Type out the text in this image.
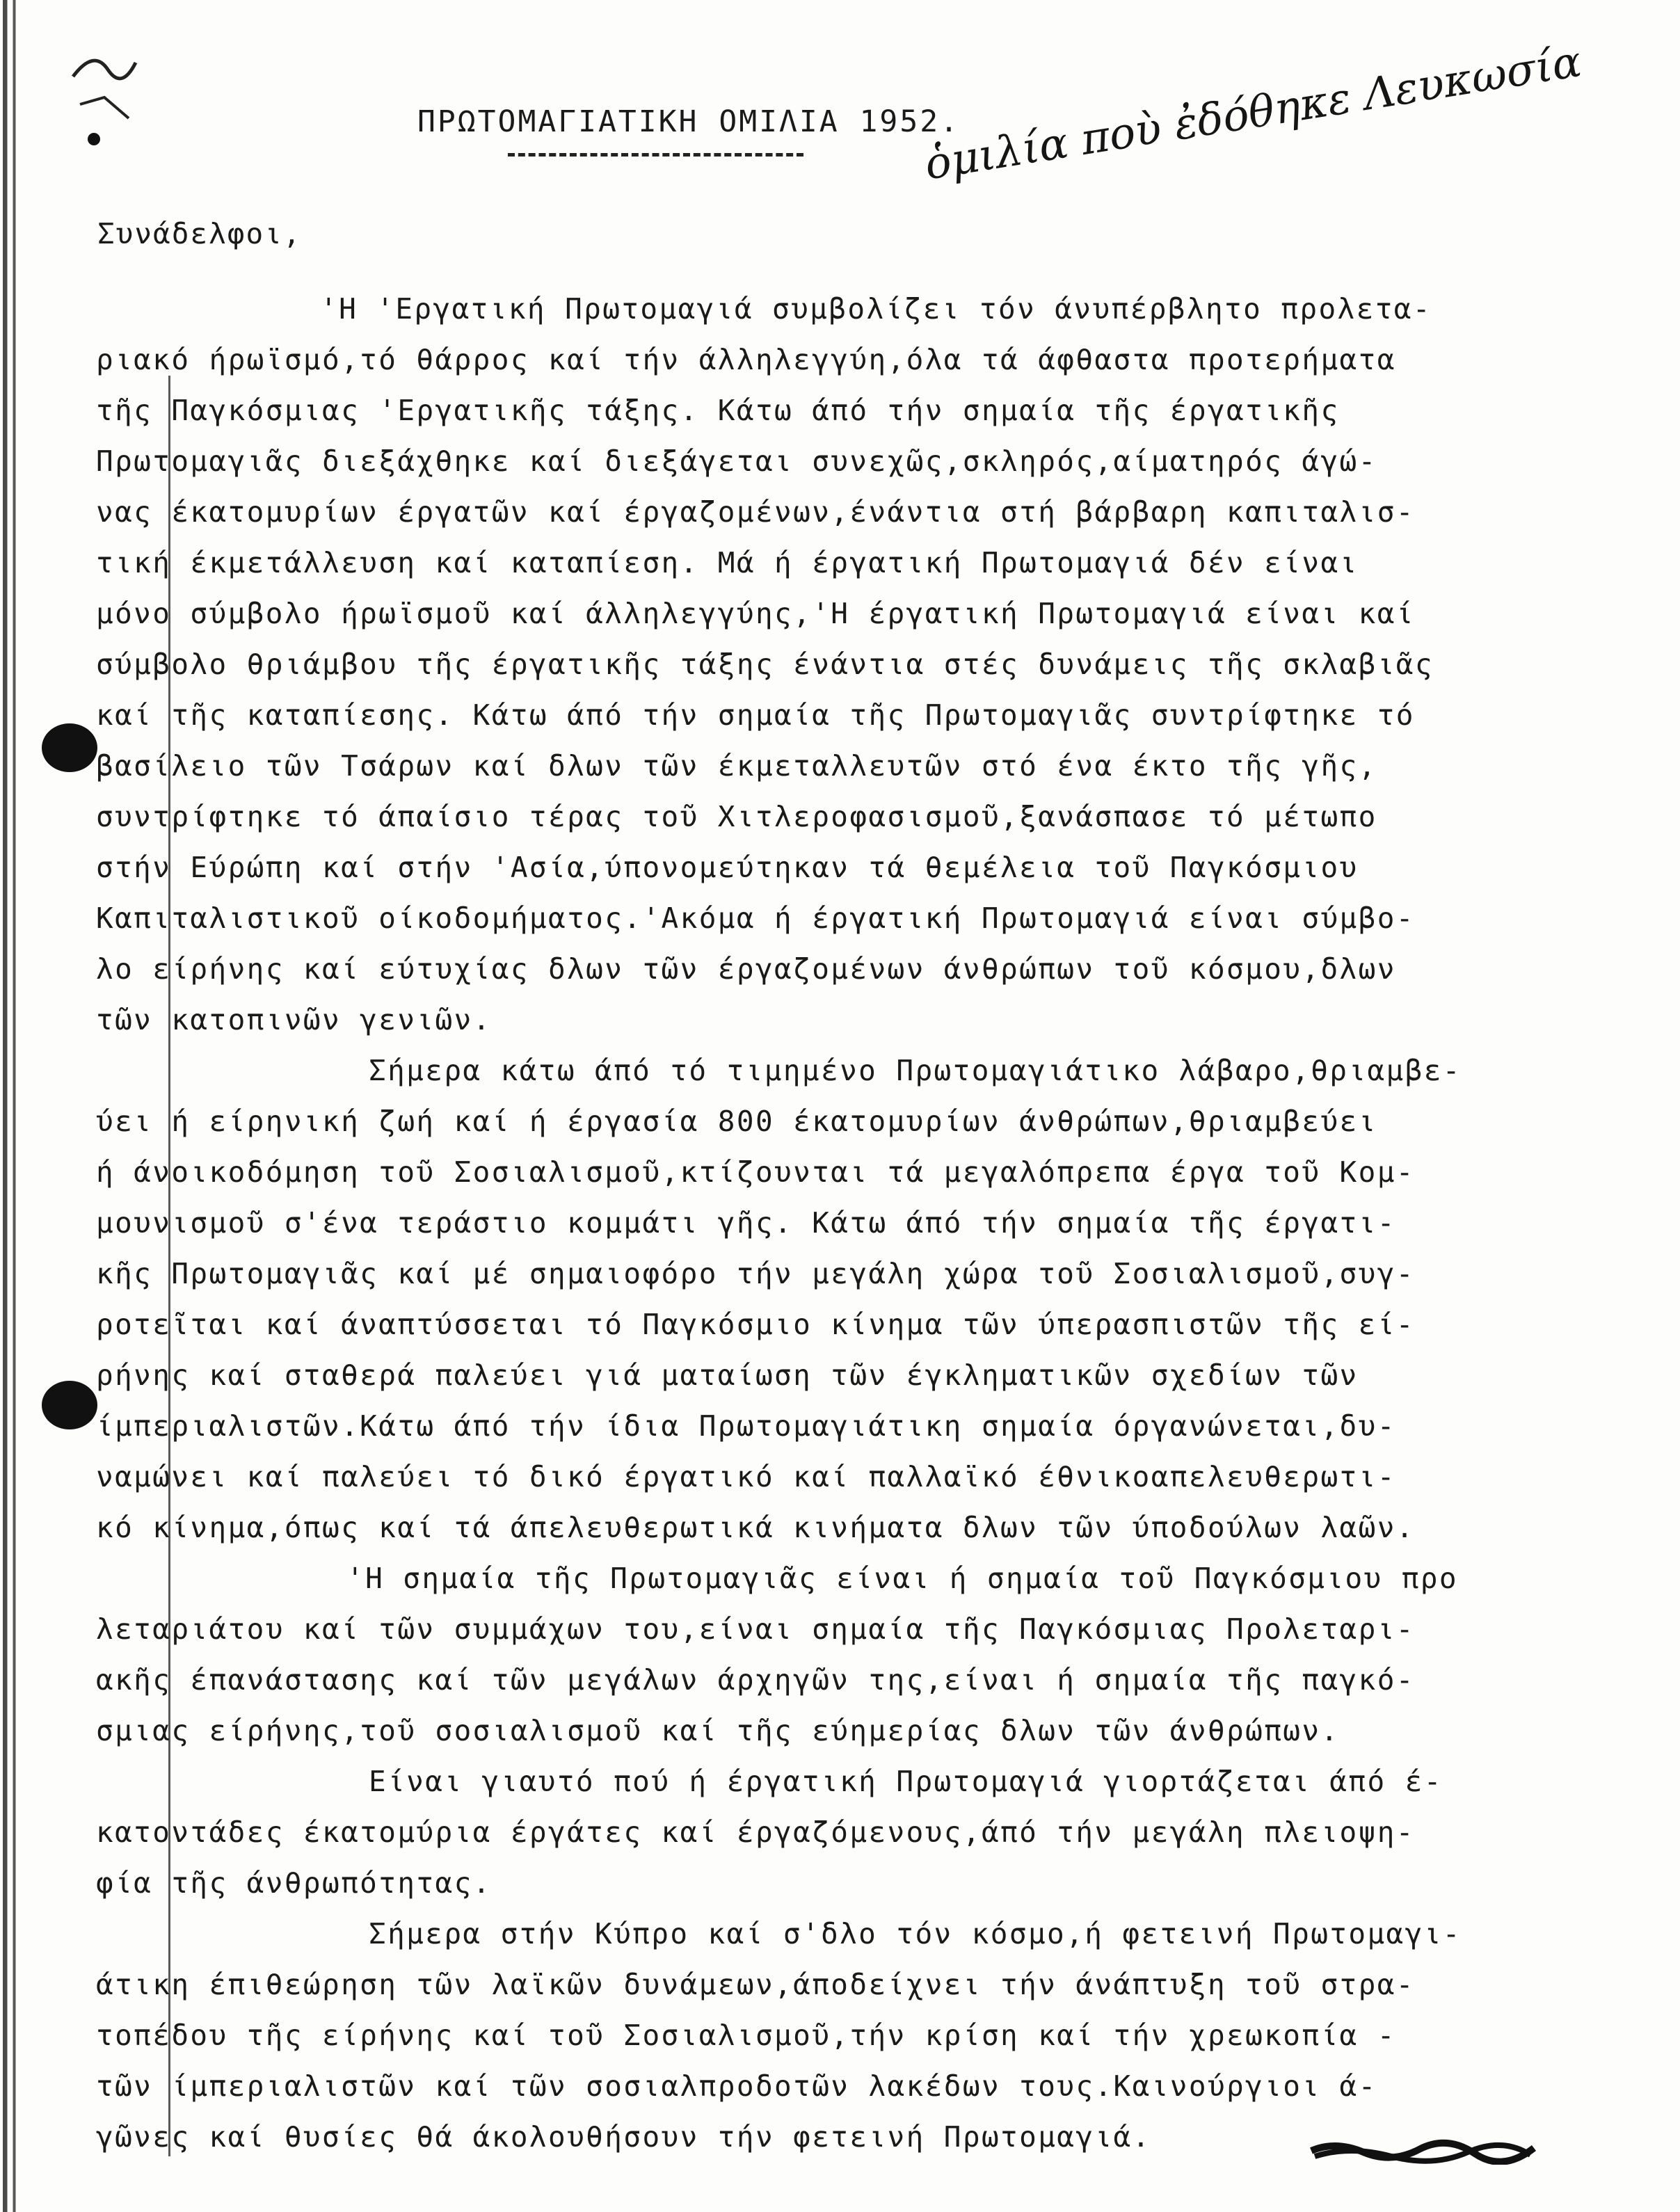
ΠΡΩΤΟΜΑΓΙΑΤΙΚΗ ΟΜΙΛΙΑ 1952.
ὁμιλία ποὺ ἐδόθηκε Λευκωσία
Συνάδελφοι,
'Η 'Εργατική Πρωτομαγιά συμβολίζει τόν άνυπέρβλητο προλετα-
ριακό ήρωϊσμό,τό θάρρος καί τήν άλληλεγγύη,όλα τά άφθαστα προτερήματα
τῆς Παγκόσμιας 'Εργατικῆς τάξης. Κάτω άπό τήν σημαία τῆς έργατικῆς
Πρωτομαγιᾶς διεξάχθηκε καί διεξάγεται συνεχῶς,σκληρός,αίματηρός άγώ-
νας έκατομυρίων έργατῶν καί έργαζομένων,ένάντια στή βάρβαρη καπιταλισ-
τική έκμετάλλευση καί καταπίεση. Μά ή έργατική Πρωτομαγιά δέν είναι
μόνο σύμβολο ήρωϊσμοῦ καί άλληλεγγύης,'Η έργατική Πρωτομαγιά είναι καί
σύμβολο θριάμβου τῆς έργατικῆς τάξης ένάντια στές δυνάμεις τῆς σκλαβιᾶς
καί τῆς καταπίεσης. Κάτω άπό τήν σημαία τῆς Πρωτομαγιᾶς συντρίφτηκε τό
βασίλειο τῶν Τσάρων καί δλων τῶν έκμεταλλευτῶν στό ένα έκτο τῆς γῆς,
συντρίφτηκε τό άπαίσιο τέρας τοῦ Χιτλεροφασισμοῦ,ξανάσπασε τό μέτωπο
στήν Εύρώπη καί στήν 'Ασία,ύπονομεύτηκαν τά θεμέλεια τοῦ Παγκόσμιου
Καπιταλιστικοῦ οίκοδομήματος.'Ακόμα ή έργατική Πρωτομαγιά είναι σύμβο-
λο είρήνης καί εύτυχίας δλων τῶν έργαζομένων άνθρώπων τοῦ κόσμου,δλων
τῶν κατοπινῶν γενιῶν.
Σήμερα κάτω άπό τό τιμημένο Πρωτομαγιάτικο λάβαρο,θριαμβε-
ύει ή είρηνική ζωή καί ή έργασία 800 έκατομυρίων άνθρώπων,θριαμβεύει
ή άνοικοδόμηση τοῦ Σοσιαλισμοῦ,κτίζουνται τά μεγαλόπρεπα έργα τοῦ Κομ-
μουνισμοῦ σ'ένα τεράστιο κομμάτι γῆς. Κάτω άπό τήν σημαία τῆς έργατι-
κῆς Πρωτομαγιᾶς καί μέ σημαιοφόρο τήν μεγάλη χώρα τοῦ Σοσιαλισμοῦ,συγ-
ροτεῖται καί άναπτύσσεται τό Παγκόσμιο κίνημα τῶν ύπερασπιστῶν τῆς εί-
ρήνης καί σταθερά παλεύει γιά ματαίωση τῶν έγκληματικῶν σχεδίων τῶν
ίμπεριαλιστῶν.Κάτω άπό τήν ίδια Πρωτομαγιάτικη σημαία όργανώνεται,δυ-
ναμώνει καί παλεύει τό δικό έργατικό καί παλλαϊκό έθνικοαπελευθερωτι-
κό κίνημα,όπως καί τά άπελευθερωτικά κινήματα δλων τῶν ύποδούλων λαῶν.
'Η σημαία τῆς Πρωτομαγιᾶς είναι ή σημαία τοῦ Παγκόσμιου προ
λεταριάτου καί τῶν συμμάχων του,είναι σημαία τῆς Παγκόσμιας Προλεταρι-
ακῆς έπανάστασης καί τῶν μεγάλων άρχηγῶν της,είναι ή σημαία τῆς παγκό-
σμιας είρήνης,τοῦ σοσιαλισμοῦ καί τῆς εύημερίας δλων τῶν άνθρώπων.
Είναι γιαυτό πού ή έργατική Πρωτομαγιά γιορτάζεται άπό έ-
κατοντάδες έκατομύρια έργάτες καί έργαζόμενους,άπό τήν μεγάλη πλειοψη-
φία τῆς άνθρωπότητας.
Σήμερα στήν Κύπρο καί σ'δλο τόν κόσμο,ή φετεινή Πρωτομαγι-
άτικη έπιθεώρηση τῶν λαϊκῶν δυνάμεων,άποδείχνει τήν άνάπτυξη τοῦ στρα-
τοπέδου τῆς είρήνης καί τοῦ Σοσιαλισμοῦ,τήν κρίση καί τήν χρεωκοπία -
τῶν ίμπεριαλιστῶν καί τῶν σοσιαλπροδοτῶν λακέδων τους.Καινούργιοι ά-
γῶνες καί θυσίες θά άκολουθήσουν τήν φετεινή Πρωτομαγιά.
